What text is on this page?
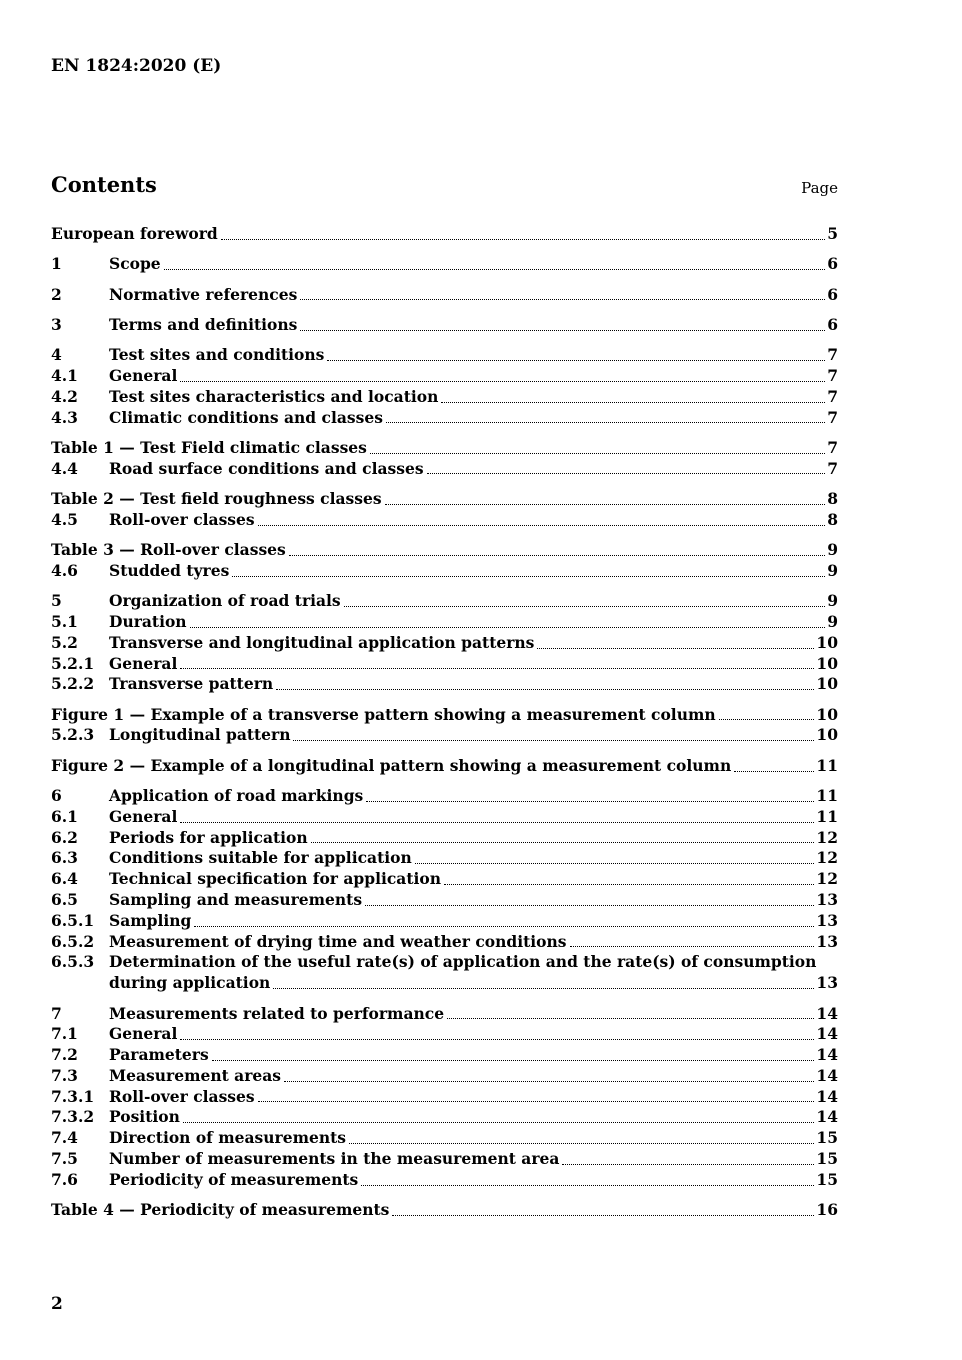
EN 1824:2020 (E)
Contents	Page
European foreword	5
1	Scope	6
2	Normative references	6
3	Terms and definitions	6
4	Test sites and conditions	7
4.1	General	7
4.2	Test sites characteristics and location	7
4.3	Climatic conditions and classes	7
Table 1 — Test Field climatic classes	7
4.4	Road surface conditions and classes	7
Table 2 — Test field roughness classes	8
4.5	Roll-over classes	8
Table 3 — Roll-over classes	9
4.6	Studded tyres	9
5	Organization of road trials	9
5.1	Duration	9
5.2	Transverse and longitudinal application patterns	10
5.2.1 General	10
5.2.2 Transverse pattern	10
Figure 1 — Example of a transverse pattern showing a measurement column	10
5.2.3 Longitudinal pattern	10
Figure 2 — Example of a longitudinal pattern showing a measurement column	11
6	Application of road markings	11
6.1	General	11
6.2	Periods for application	12
6.3	Conditions suitable for application	12
6.4	Technical specification for application	12
6.5	Sampling and measurements	13
6.5.1 Sampling	13
6.5.2 Measurement of drying time and weather conditions	13
6.5.3 Determination of the useful rate(s) of application and the rate(s) of consumption
during application	13
7	Measurements related to performance	14
7.1	General	14
7.2	Parameters	14
7.3	Measurement areas	14
7.3.1 Roll-over classes	14
7.3.2 Position	14
7.4	Direction of measurements	15
7.5	Number of measurements in the measurement area	15
7.6	Periodicity of measurements	15
Table 4 — Periodicity of measurements	16
2
